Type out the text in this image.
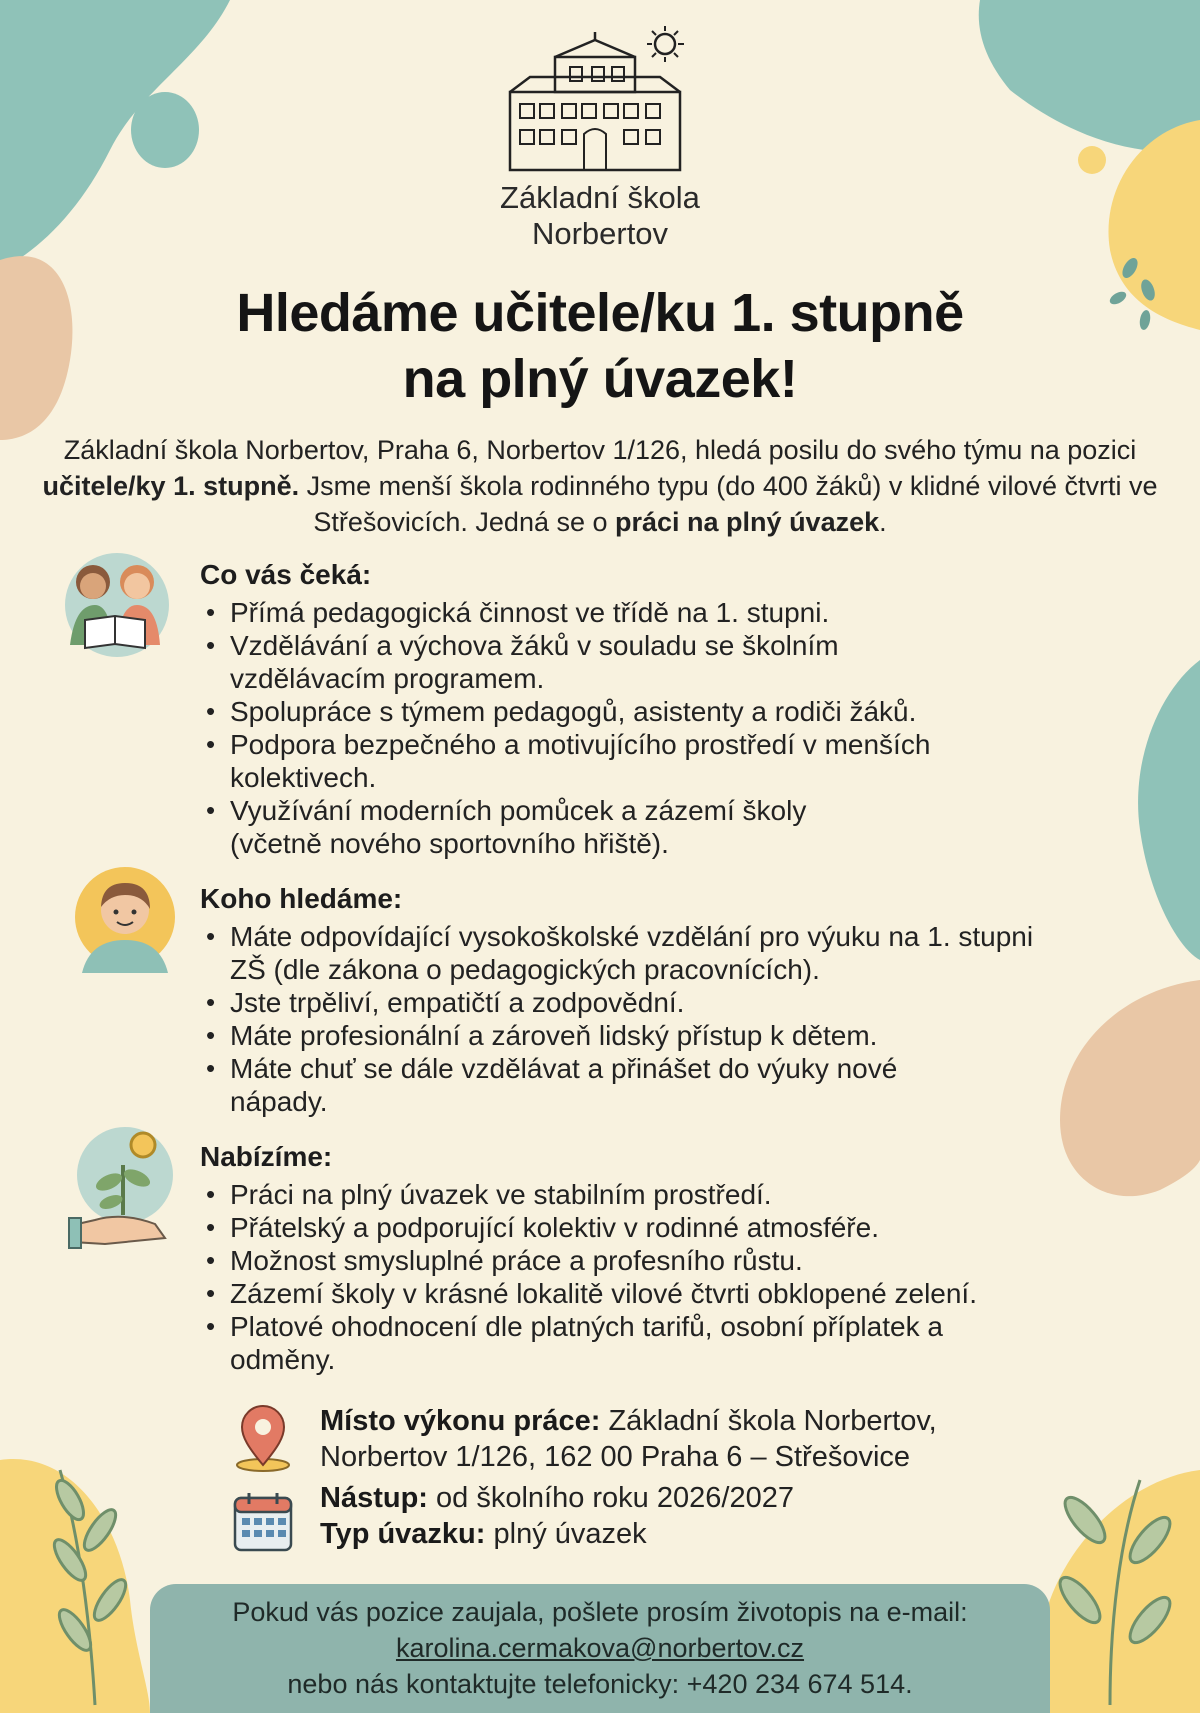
Základní škola
Norbertov
Hledáme učitele/ku 1. stupně
na plný úvazek!
Základní škola Norbertov, Praha 6, Norbertov 1/126, hledá posilu do svého týmu na pozici učitele/ky 1. stupně. Jsme menší škola rodinného typu (do 400 žáků) v klidné vilové čtvrti ve Střešovicích. Jedná se o práci na plný úvazek.
Co vás čeká:
• Přímá pedagogická činnost ve třídě na 1. stupni.
• Vzdělávání a výchova žáků v souladu se školním vzdělávacím programem.
• Spolupráce s týmem pedagogů, asistenty a rodiči žáků.
• Podpora bezpečného a motivujícího prostředí v menších kolektivech.
• Využívání moderních pomůcek a zázemí školy (včetně nového sportovního hřiště).
Koho hledáme:
• Máte odpovídající vysokoškolské vzdělání pro výuku na 1. stupni ZŠ (dle zákona o pedagogických pracovnících).
• Jste trpěliví, empatičtí a zodpovědní.
• Máte profesionální a zároveň lidský přístup k dětem.
• Máte chuť se dále vzdělávat a přinášet do výuky nové nápady.
Nabízíme:
• Práci na plný úvazek ve stabilním prostředí.
• Přátelský a podporující kolektiv v rodinné atmosféře.
• Možnost smysluplné práce a profesního růstu.
• Zázemí školy v krásné lokalitě vilové čtvrti obklopené zelení.
• Platové ohodnocení dle platných tarifů, osobní příplatek a odměny.
Místo výkonu práce: Základní škola Norbertov,
Norbertov 1/126, 162 00 Praha 6 – Střešovice
Nástup: od školního roku 2026/2027
Typ úvazku: plný úvazek
Pokud vás pozice zaujala, pošlete prosím životopis na e-mail:
karolina.cermakova@norbertov.cz
nebo nás kontaktujte telefonicky: +420 234 674 514.
